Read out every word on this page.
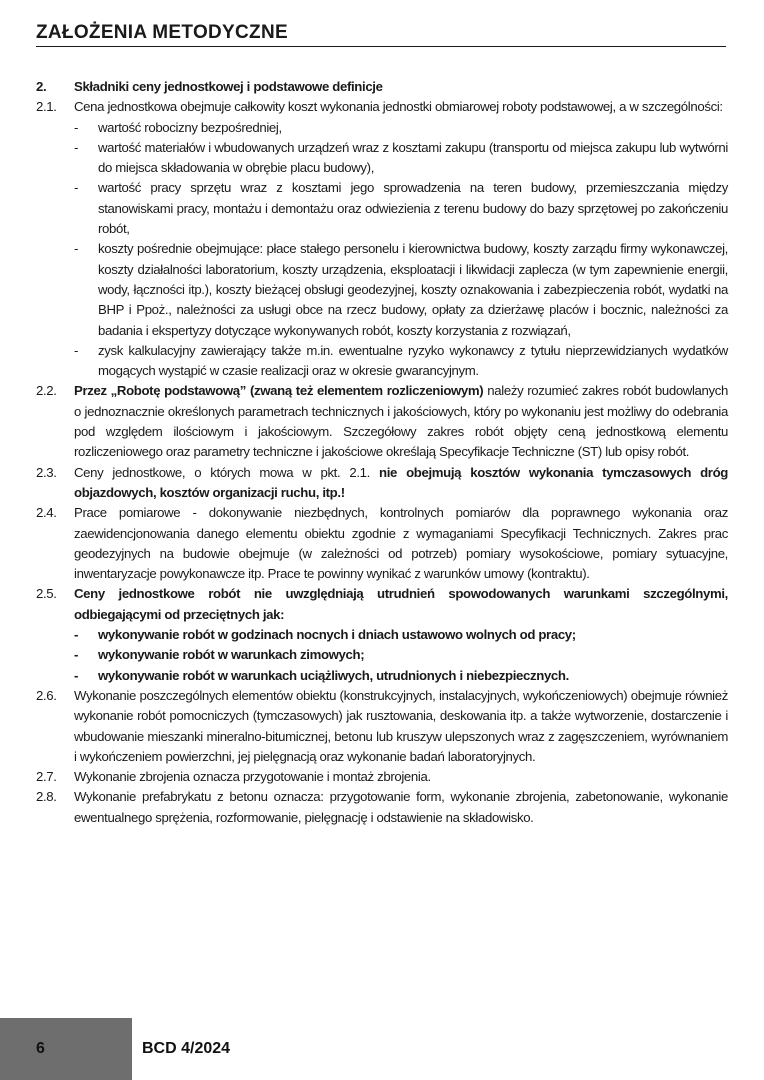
ZAŁOŻENIA METODYCZNE
2. Składniki ceny jednostkowej i podstawowe definicje
2.1.	Cena jednostkowa obejmuje całkowity koszt wykonania jednostki obmiarowej roboty podstawowej, a w szczególności:
-	wartość robocizny bezpośredniej,
-	wartość materiałów i wbudowanych urządzeń wraz z kosztami zakupu (transportu od miejsca zakupu lub wytwórni do miejsca składowania w obrębie placu budowy),
-	wartość pracy sprzętu wraz z kosztami jego sprowadzenia na teren budowy, przemieszczania między stanowiskami pracy, montażu i demontażu oraz odwiezienia z terenu budowy do bazy sprzętowej po zakończeniu robót,
-	koszty pośrednie obejmujące: płace stałego personelu i kierownictwa budowy, koszty zarządu firmy wykonawczej, koszty działalności laboratorium, koszty urządzenia, eksploatacji i likwidacji zaplecza (w tym zapewnienie energii, wody, łączności itp.), koszty bieżącej obsługi geodezyjnej, koszty oznakowania i zabezpieczenia robót, wydatki na BHP i Ppoż., należności za usługi obce na rzecz budowy, opłaty za dzierżawę placów i bocznic, należności za badania i ekspertyzy dotyczące wykonywanych robót, koszty korzystania z rozwiązań,
-	zysk kalkulacyjny zawierający także m.in. ewentualne ryzyko wykonawcy z tytułu nieprzewidzianych wydatków mogących wystąpić w czasie realizacji oraz w okresie gwarancyjnym.
2.2.	Przez „Robotę podstawową” (zwaną też elementem rozliczeniowym) należy rozumieć zakres robót budowlanych o jednoznacznie określonych parametrach technicznych i jakościowych, który po wykonaniu jest możliwy do odebrania pod względem ilościowym i jakościowym. Szczegółowy zakres robót objęty ceną jednostkową elementu rozliczeniowego oraz parametry techniczne i jakościowe określają Specyfikacje Techniczne (ST) lub opisy robót.
2.3.	Ceny jednostkowe, o których mowa w pkt. 2.1. nie obejmują kosztów wykonania tymczasowych dróg objazdowych, kosztów organizacji ruchu, itp.!
2.4.	Prace pomiarowe - dokonywanie niezbędnych, kontrolnych pomiarów dla poprawnego wykonania oraz zaewidencjonowania danego elementu obiektu zgodnie z wymaganiami Specyfikacji Technicznych. Zakres prac geodezyjnych na budowie obejmuje (w zależności od potrzeb) pomiary wysokościowe, pomiary sytuacyjne, inwentaryzacje powykonawcze itp. Prace te powinny wynikać z warunków umowy (kontraktu).
2.5.	Ceny jednostkowe robót nie uwzględniają utrudnień spowodowanych warunkami szczególnymi, odbiegającymi od przeciętnych jak:
-	wykonywanie robót w godzinach nocnych i dniach ustawowo wolnych od pracy;
-	wykonywanie robót w warunkach zimowych;
-	wykonywanie robót w warunkach uciążliwych, utrudnionych i niebezpiecznych.
2.6.	Wykonanie poszczególnych elementów obiektu (konstrukcyjnych, instalacyjnych, wykończeniowych) obejmuje również wykonanie robót pomocniczych (tymczasowych) jak rusztowania, deskowania itp. a także wytworzenie, dostarczenie i wbudowanie mieszanki mineralno-bitumicznej, betonu lub kruszyw ulepszonych wraz z zagęszczeniem, wyrównaniem i wykończeniem powierzchni, jej pielęgnacją oraz wykonanie badań laboratoryjnych.
2.7.	Wykonanie zbrojenia oznacza przygotowanie i montaż zbrojenia.
2.8.	Wykonanie prefabrykatu z betonu oznacza: przygotowanie form, wykonanie zbrojenia, zabetonowanie, wykonanie ewentualnego sprężenia, rozformowanie, pielęgnację i odstawienie na składowisko.
6	BCD 4/2024
